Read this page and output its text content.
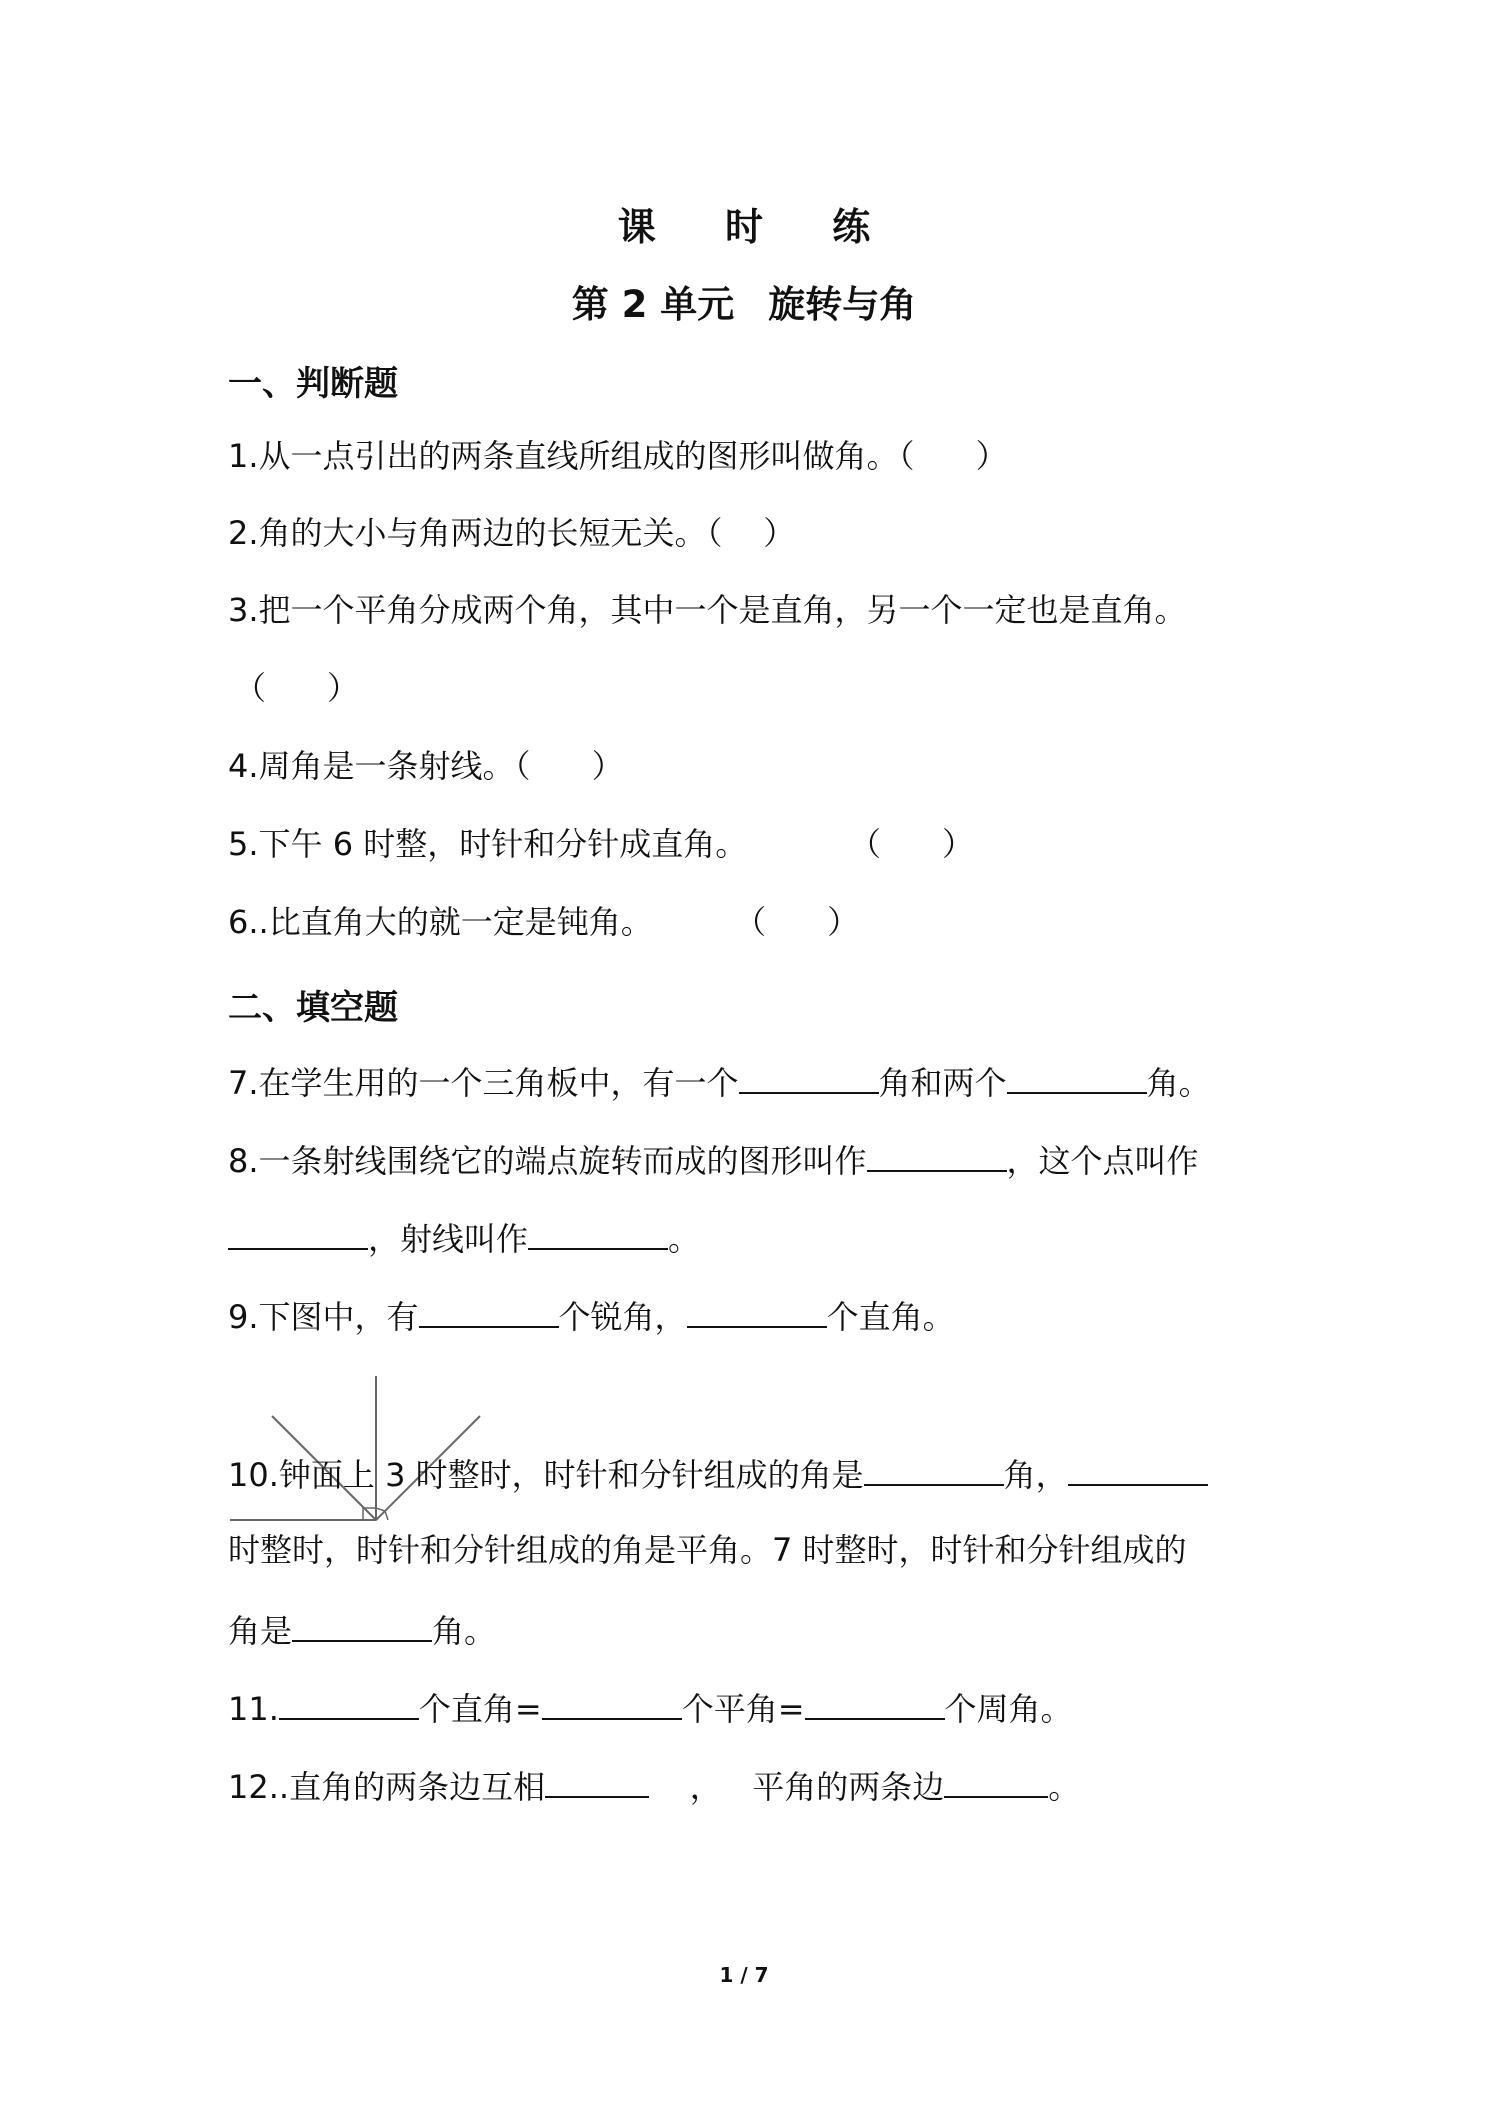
课 时 练
第 2 单元 旋转与角
一、判断题
1.从一点引出的两条直线所组成的图形叫做角。（      ）
2.角的大小与角两边的长短无关。（    ）
3.把一个平角分成两个角，其中一个是直角，另一个一定也是直角。
（      ）
4.周角是一条射线。（      ）
5.下午 6 时整，时针和分针成直角。          （      ）
6..比直角大的就一定是钝角。        （      ）
二、填空题
7.在学生用的一个三角板中，有一个	角和两个	角。
8.一条射线围绕它的端点旋转而成的图形叫作	，这个点叫作
，射线叫作	。
9.下图中，有	个锐角，	个直角。
10.钟面上 3 时整时，时针和分针组成的角是	角，
时整时，时针和分针组成的角是平角。7 时整时，时针和分针组成的
角是	角。
11.	个直角=	个平角=	个周角。
12..直角的两条边互相	，   平角的两条边	。
1 / 7
